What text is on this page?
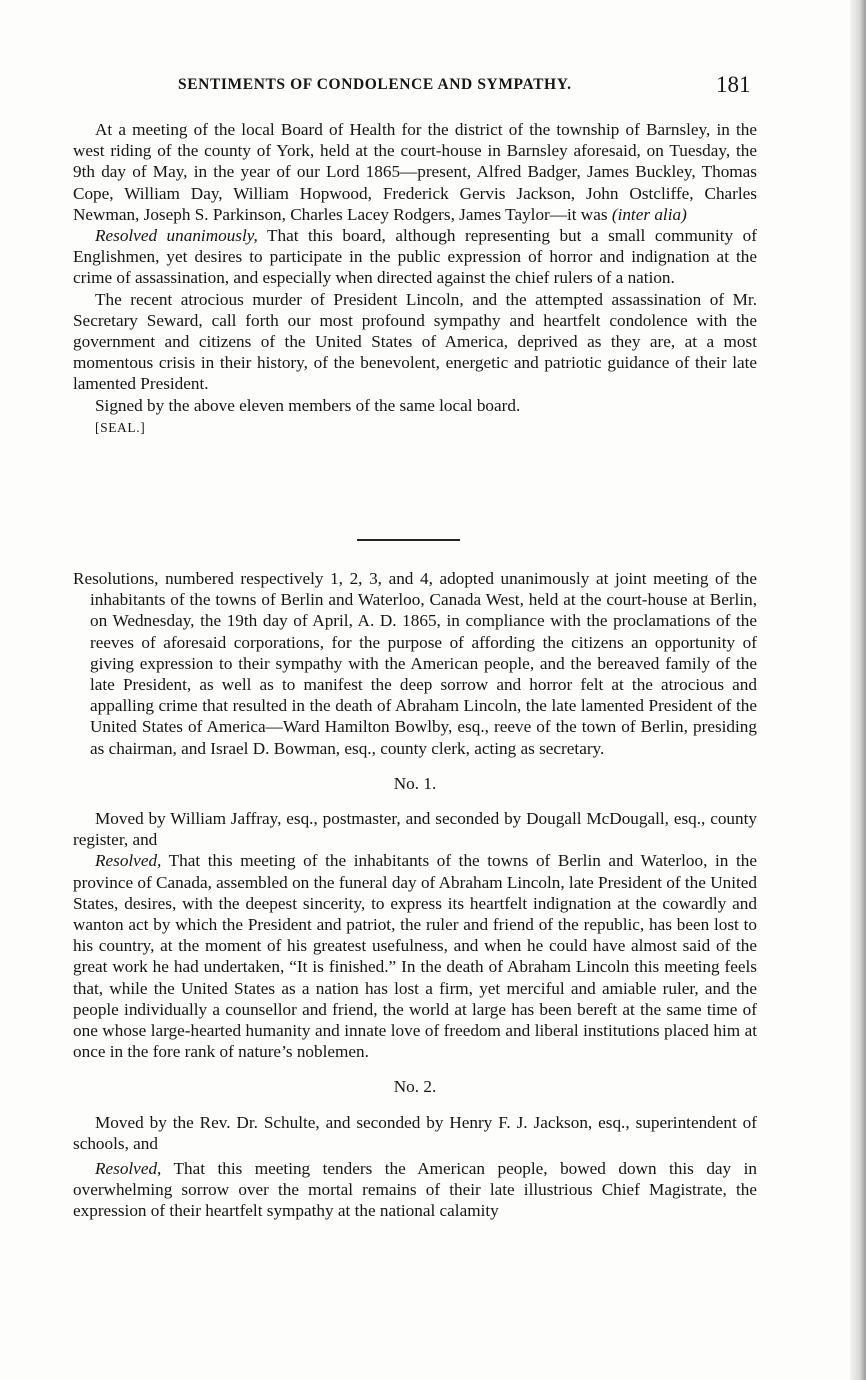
SENTIMENTS OF CONDOLENCE AND SYMPATHY.	181

At a meeting of the local Board of Health for the district of the township of Barnsley, in the west riding of the county of York, held at the court-house in Barnsley aforesaid, on Tuesday, the 9th day of May, in the year of our Lord 1865—present, Alfred Badger, James Buckley, Thomas Cope, William Day, William Hopwood, Frederick Gervis Jackson, John Ostcliffe, Charles Newman, Joseph S. Parkinson, Charles Lacey Rodgers, James Taylor—it was (inter alia)

Resolved unanimously, That this board, although representing but a small community of Englishmen, yet desires to participate in the public expression of horror and indignation at the crime of assassination, and especially when directed against the chief rulers of a nation.

The recent atrocious murder of President Lincoln, and the attempted assassination of Mr. Secretary Seward, call forth our most profound sympathy and heartfelt condolence with the government and citizens of the United States of America, deprived as they are, at a most momentous crisis in their history, of the benevolent, energetic and patriotic guidance of their late lamented President.

Signed by the above eleven members of the same local board.

[SEAL.]

Resolutions, numbered respectively 1, 2, 3, and 4, adopted unanimously at joint meeting of the inhabitants of the towns of Berlin and Waterloo, Canada West, held at the court-house at Berlin, on Wednesday, the 19th day of April, A. D. 1865, in compliance with the proclamations of the reeves of aforesaid corporations, for the purpose of affording the citizens an opportunity of giving expression to their sympathy with the American people, and the bereaved family of the late President, as well as to manifest the deep sorrow and horror felt at the atrocious and appalling crime that resulted in the death of Abraham Lincoln, the late lamented President of the United States of America—Ward Hamilton Bowlby, esq., reeve of the town of Berlin, presiding as chairman, and Israel D. Bowman, esq., county clerk, acting as secretary.

No. 1.

Moved by William Jaffray, esq., postmaster, and seconded by Dougall McDougall, esq., county register, and

Resolved, That this meeting of the inhabitants of the towns of Berlin and Waterloo, in the province of Canada, assembled on the funeral day of Abraham Lincoln, late President of the United States, desires, with the deepest sincerity, to express its heartfelt indignation at the cowardly and wanton act by which the President and patriot, the ruler and friend of the republic, has been lost to his country, at the moment of his greatest usefulness, and when he could have almost said of the great work he had undertaken, “It is finished.” In the death of Abraham Lincoln this meeting feels that, while the United States as a nation has lost a firm, yet merciful and amiable ruler, and the people individually a counsellor and friend, the world at large has been bereft at the same time of one whose large-hearted humanity and innate love of freedom and liberal institutions placed him at once in the fore rank of nature’s noblemen.

No. 2.

Moved by the Rev. Dr. Schulte, and seconded by Henry F. J. Jackson, esq., superintendent of schools, and

Resolved, That this meeting tenders the American people, bowed down this day in overwhelming sorrow over the mortal remains of their late illustrious Chief Magistrate, the expression of their heartfelt sympathy at the national calamity
